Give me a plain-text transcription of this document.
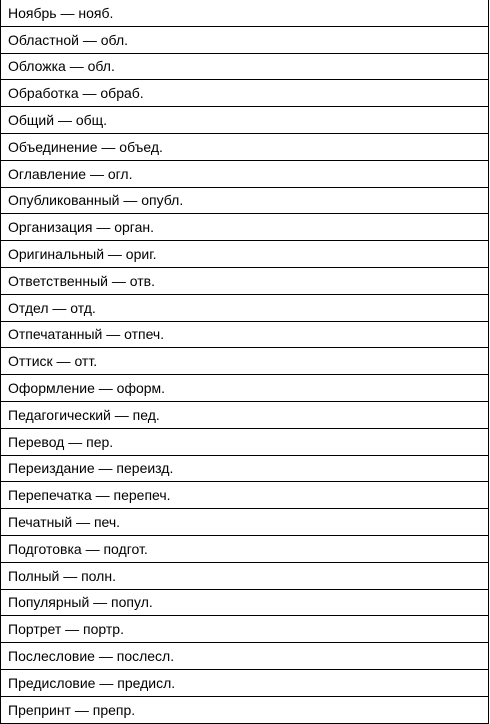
Ноябрь — нояб.
Областной — обл.
Обложка — обл.
Обработка — обраб.
Общий — общ.
Объединение — объед.
Оглавление — огл.
Опубликованный — опубл.
Организация — орган.
Оригинальный — ориг.
Ответственный — отв.
Отдел — отд.
Отпечатанный — отпеч.
Оттиск — отт.
Оформление — оформ.
Педагогический — пед.
Перевод — пер.
Переиздание — переизд.
Перепечатка — перепеч.
Печатный — печ.
Подготовка — подгот.
Полный — полн.
Популярный — попул.
Портрет — портр.
Послесловие — послесл.
Предисловие — предисл.
Препринт — препр.
